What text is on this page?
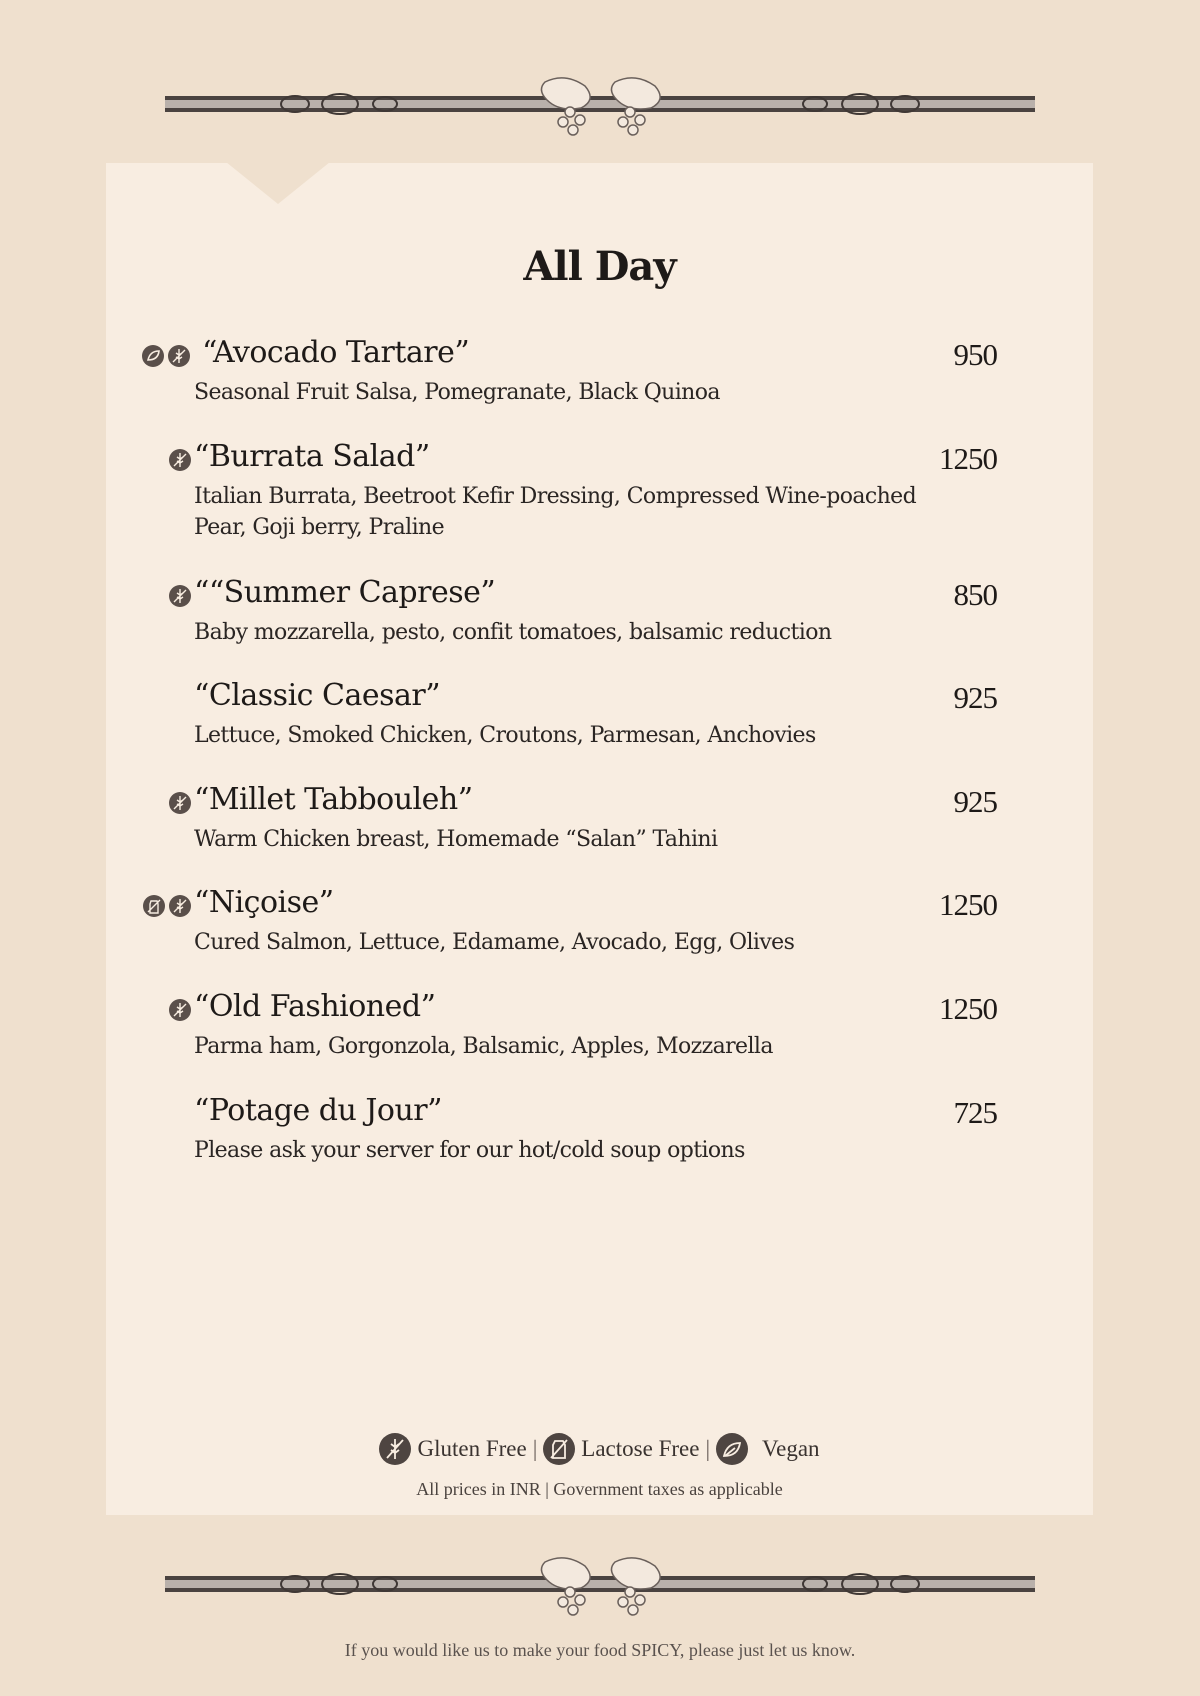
All Day
“Avocado Tartare”	950
Seasonal Fruit Salsa, Pomegranate, Black Quinoa
“Burrata Salad”	1250
Italian Burrata, Beetroot Kefir Dressing, Compressed Wine-poached Pear, Goji berry, Praline
““Summer Caprese”	850
Baby mozzarella, pesto, confit tomatoes, balsamic reduction
“Classic Caesar”	925
Lettuce, Smoked Chicken, Croutons, Parmesan, Anchovies
“Millet Tabbouleh”	925
Warm Chicken breast, Homemade “Salan” Tahini
“Niçoise”	1250
Cured Salmon, Lettuce, Edamame, Avocado, Egg, Olives
“Old Fashioned”	1250
Parma ham, Gorgonzola, Balsamic, Apples, Mozzarella
“Potage du Jour”	725
Please ask your server for our hot/cold soup options
Gluten Free | Lactose Free | Vegan
All prices in INR | Government taxes as applicable
If you would like us to make your food SPICY, please just let us know.
